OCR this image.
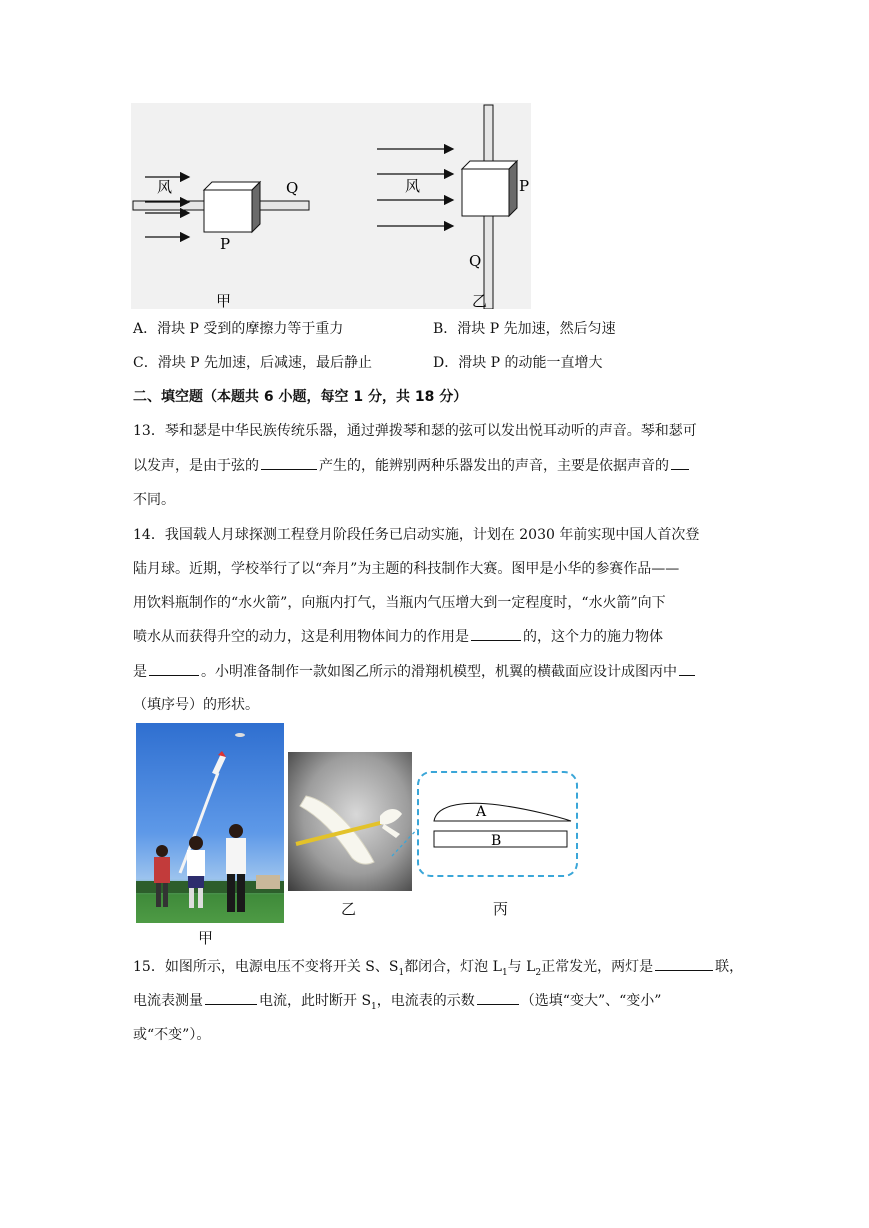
风	Q
P
甲
风	P
Q
乙
A．滑块 P 受到的摩擦力等于重力	B．滑块 P 先加速，然后匀速
C．滑块 P 先加速，后减速，最后静止	D．滑块 P 的动能一直增大
二、填空题（本题共 6 小题，每空 1 分，共 18 分）
13．琴和瑟是中华民族传统乐器，通过弹拨琴和瑟的弦可以发出悦耳动听的声音。琴和瑟可
以发声，是由于弦的	产生的，能辨别两种乐器发出的声音，主要是依据声音的
不同。
14．我国载人月球探测工程登月阶段任务已启动实施，计划在 2030 年前实现中国人首次登
陆月球。近期，学校举行了以“奔月”为主题的科技制作大赛。图甲是小华的参赛作品——
用饮料瓶制作的“水火箭”，向瓶内打气，当瓶内气压增大到一定程度时，“水火箭”向下
喷水从而获得升空的动力，这是利用物体间力的作用是	的，这个力的施力物体
是	。小明准备制作一款如图乙所示的滑翔机模型，机翼的横截面应设计成图丙中
（填序号）的形状。
甲
乙
A
B
丙
15．如图所示，电源电压不变将开关 S、$S_1$都闭合，灯泡 $L_1$与 $L_2$正常发光，两灯是	联，
电流表测量	电流，此时断开 $S_1$，电流表的示数	（选填“变大”、“变小”
或“不变”）。
